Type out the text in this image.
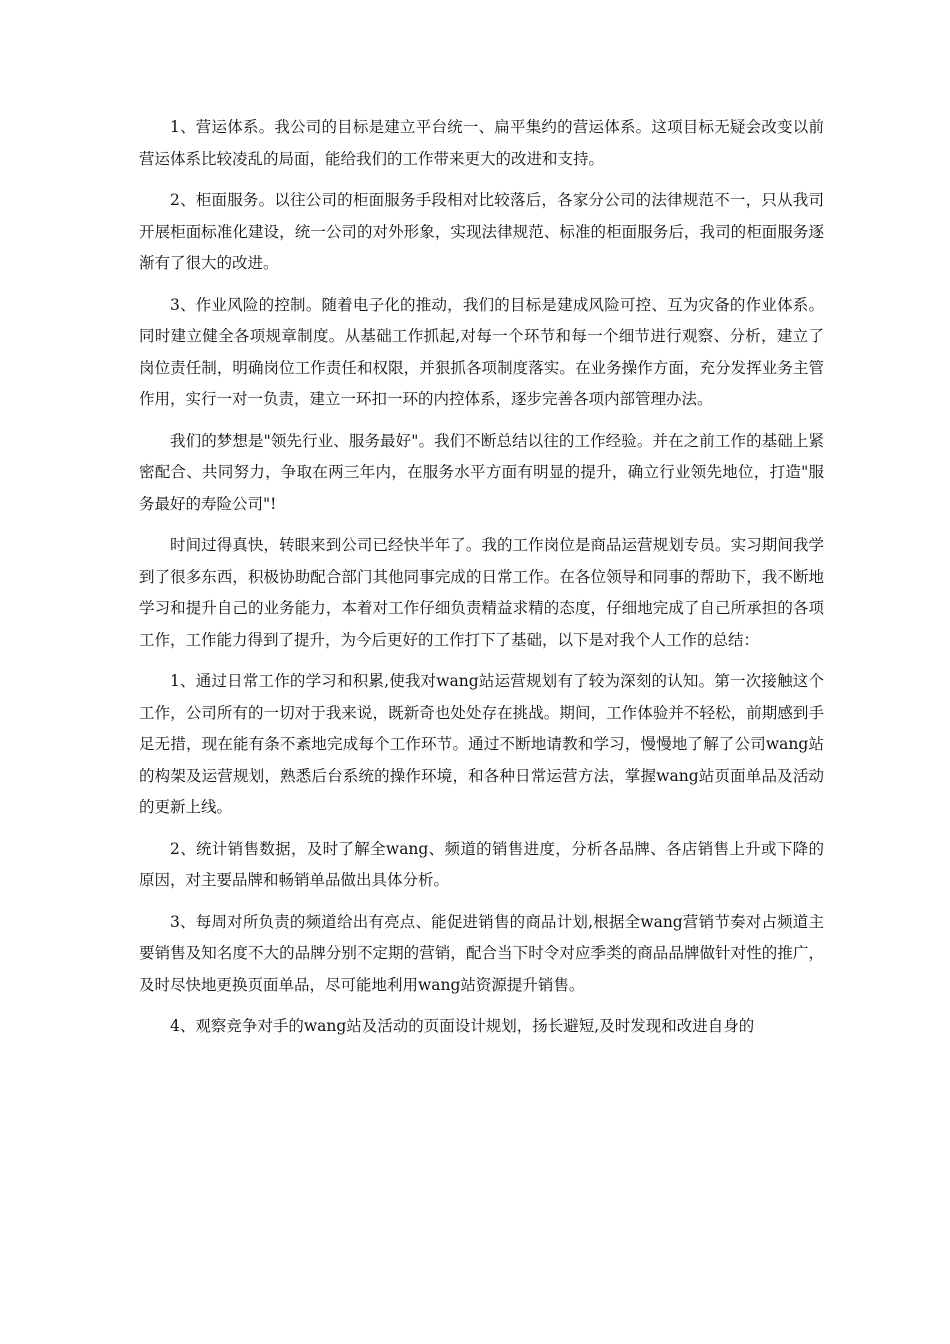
1、营运体系。我公司的目标是建立平台统一、扁平集约的营运体系。这项目标无疑会改变以前营运体系比较凌乱的局面，能给我们的工作带来更大的改进和支持。

2、柜面服务。以往公司的柜面服务手段相对比较落后，各家分公司的法律规范不一，只从我司开展柜面标准化建设，统一公司的对外形象，实现法律规范、标准的柜面服务后，我司的柜面服务逐渐有了很大的改进。

3、作业风险的控制。随着电子化的推动，我们的目标是建成风险可控、互为灾备的作业体系。同时建立健全各项规章制度。从基础工作抓起,对每一个环节和每一个细节进行观察、分析，建立了岗位责任制，明确岗位工作责任和权限，并狠抓各项制度落实。在业务操作方面，充分发挥业务主管作用，实行一对一负责，建立一环扣一环的内控体系，逐步完善各项内部管理办法。

我们的梦想是"领先行业、服务最好"。我们不断总结以往的工作经验。并在之前工作的基础上紧密配合、共同努力，争取在两三年内，在服务水平方面有明显的提升，确立行业领先地位，打造"服务最好的寿险公司"!

时间过得真快，转眼来到公司已经快半年了。我的工作岗位是商品运营规划专员。实习期间我学到了很多东西，积极协助配合部门其他同事完成的日常工作。在各位领导和同事的帮助下，我不断地学习和提升自己的业务能力，本着对工作仔细负责精益求精的态度，仔细地完成了自己所承担的各项工作，工作能力得到了提升，为今后更好的工作打下了基础，以下是对我个人工作的总结：

1、通过日常工作的学习和积累,使我对wang站运营规划有了较为深刻的认知。第一次接触这个工作，公司所有的一切对于我来说，既新奇也处处存在挑战。期间，工作体验并不轻松，前期感到手足无措，现在能有条不紊地完成每个工作环节。通过不断地请教和学习，慢慢地了解了公司wang站的构架及运营规划，熟悉后台系统的操作环境，和各种日常运营方法，掌握wang站页面单品及活动的更新上线。

2、统计销售数据，及时了解全wang、频道的销售进度，分析各品牌、各店销售上升或下降的原因，对主要品牌和畅销单品做出具体分析。

3、每周对所负责的频道给出有亮点、能促进销售的商品计划,根据全wang营销节奏对占频道主要销售及知名度不大的品牌分别不定期的营销，配合当下时令对应季类的商品品牌做针对性的推广，及时尽快地更换页面单品，尽可能地利用wang站资源提升销售。

4、观察竞争对手的wang站及活动的页面设计规划，扬长避短,及时发现和改进自身的
